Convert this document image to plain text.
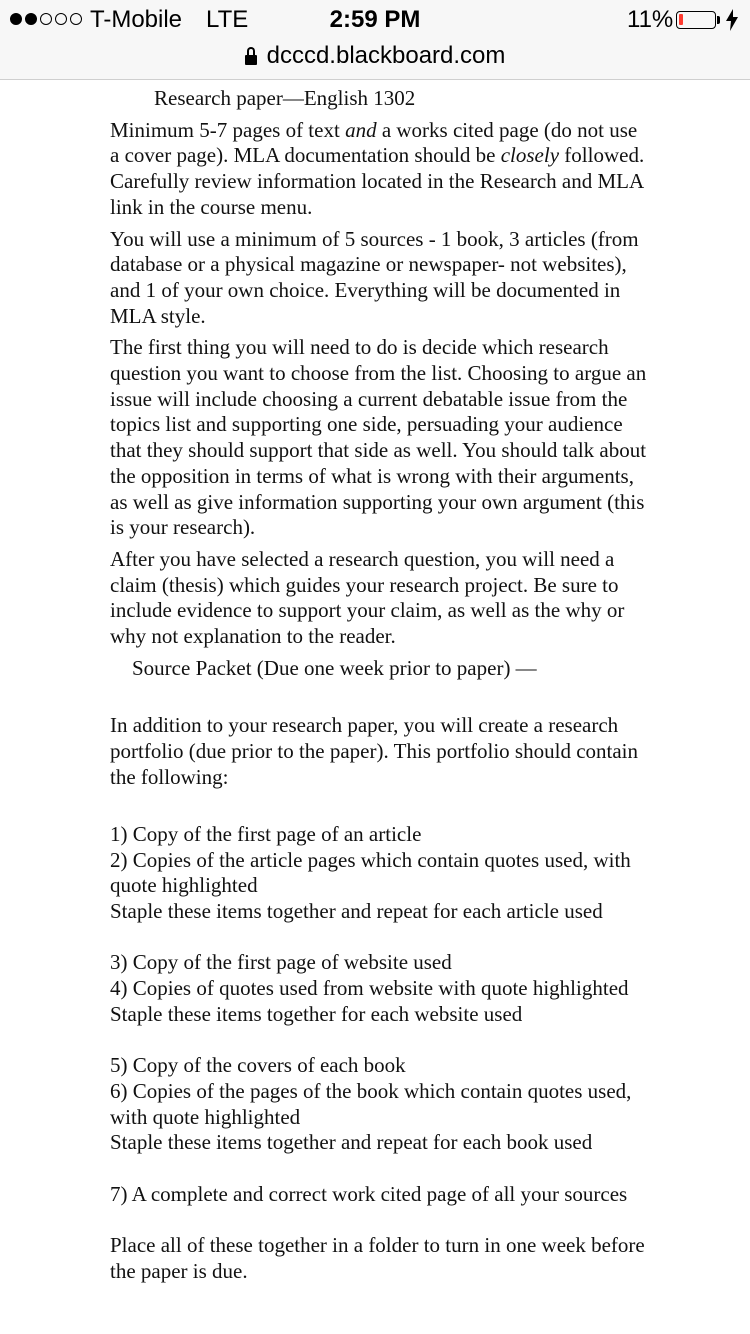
T-Mobile LTE	2:59 PM	11%
dcccd.blackboard.com

Research paper—English 1302

Minimum 5-7 pages of text and a works cited page (do not use a cover page). MLA documentation should be closely followed. Carefully review information located in the Research and MLA link in the course menu.

You will use a minimum of 5 sources - 1 book, 3 articles (from database or a physical magazine or newspaper- not websites), and 1 of your own choice. Everything will be documented in MLA style.

The first thing you will need to do is decide which research question you want to choose from the list. Choosing to argue an issue will include choosing a current debatable issue from the topics list and supporting one side, persuading your audience that they should support that side as well. You should talk about the opposition in terms of what is wrong with their arguments, as well as give information supporting your own argument (this is your research).

After you have selected a research question, you will need a claim (thesis) which guides your research project. Be sure to include evidence to support your claim, as well as the why or why not explanation to the reader.

Source Packet (Due one week prior to paper) —

In addition to your research paper, you will create a research portfolio (due prior to the paper). This portfolio should contain the following:

1) Copy of the first page of an article

2) Copies of the article pages which contain quotes used, with quote highlighted

Staple these items together and repeat for each article used

3) Copy of the first page of website used

4) Copies of quotes used from website with quote highlighted

Staple these items together for each website used

5) Copy of the covers of each book

6) Copies of the pages of the book which contain quotes used, with quote highlighted

Staple these items together and repeat for each book used

7) A complete and correct work cited page of all your sources

Place all of these together in a folder to turn in one week before the paper is due.
